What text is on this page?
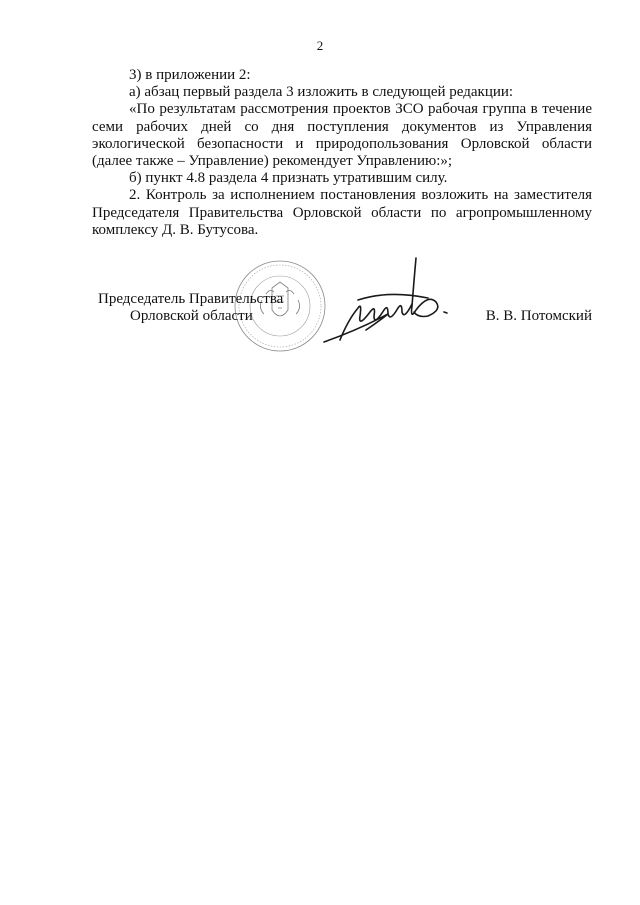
2

3) в приложении 2:

а) абзац первый раздела 3 изложить в следующей редакции:

«По результатам рассмотрения проектов ЗСО рабочая группа в течение семи рабочих дней со дня поступления документов из Управления экологической безопасности и природопользования Орловской области (далее также – Управление) рекомендует Управлению:»;

б) пункт 4.8 раздела 4 признать утратившим силу.

2. Контроль за исполнением постановления возложить на заместителя Председателя Правительства Орловской области по агропромышленному комплексу Д. В. Бутусова.

Председатель Правительства
Орловской области	В. В. Потомский
